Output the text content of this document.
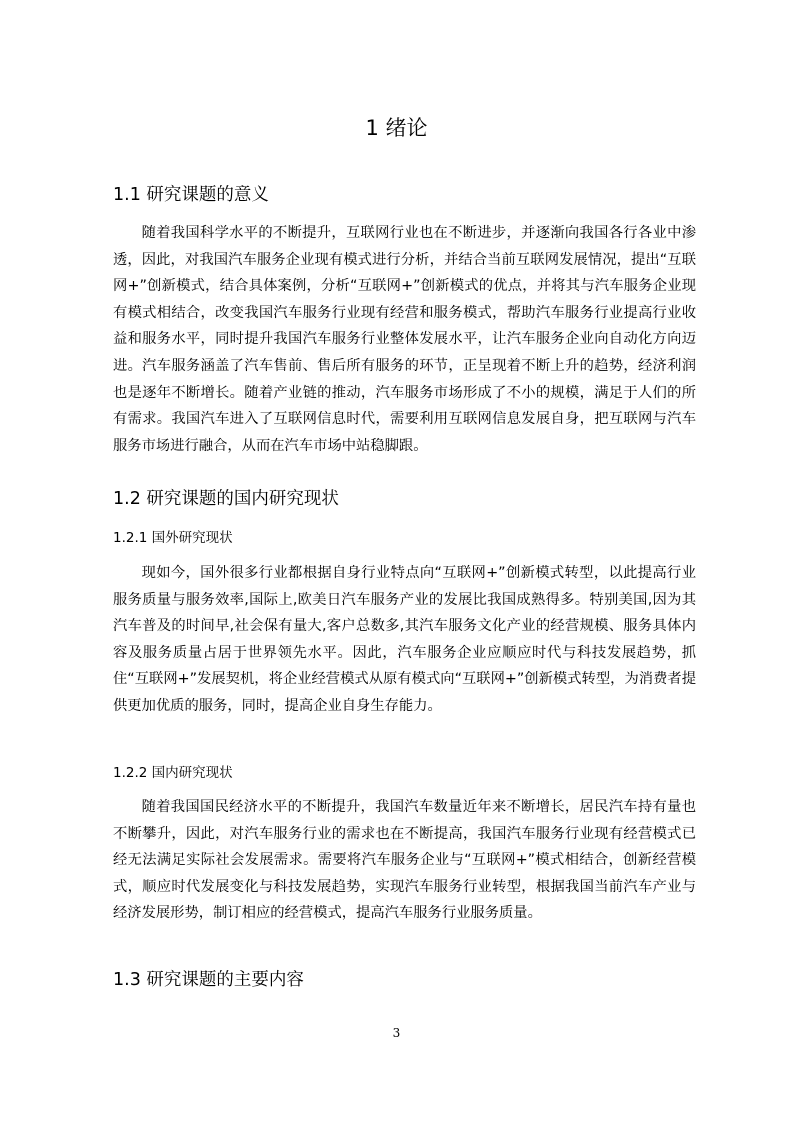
1 绪论
1.1 研究课题的意义
随着我国科学水平的不断提升，互联网行业也在不断进步，并逐渐向我国各行各业中渗透，因此，对我国汽车服务企业现有模式进行分析，并结合当前互联网发展情况，提出“互联网+”创新模式，结合具体案例，分析“互联网+”创新模式的优点，并将其与汽车服务企业现有模式相结合，改变我国汽车服务行业现有经营和服务模式，帮助汽车服务行业提高行业收益和服务水平，同时提升我国汽车服务行业整体发展水平，让汽车服务企业向自动化方向迈进。汽车服务涵盖了汽车售前、售后所有服务的环节，正呈现着不断上升的趋势，经济利润也是逐年不断增长。随着产业链的推动，汽车服务市场形成了不小的规模，满足于人们的所有需求。我国汽车进入了互联网信息时代，需要利用互联网信息发展自身，把互联网与汽车服务市场进行融合，从而在汽车市场中站稳脚跟。
1.2 研究课题的国内研究现状
1.2.1 国外研究现状
现如今，国外很多行业都根据自身行业特点向“互联网+”创新模式转型，以此提高行业服务质量与服务效率,国际上,欧美日汽车服务产业的发展比我国成熟得多。特别美国,因为其汽车普及的时间早,社会保有量大,客户总数多,其汽车服务文化产业的经营规模、服务具体内容及服务质量占居于世界领先水平。因此，汽车服务企业应顺应时代与科技发展趋势，抓住“互联网+”发展契机，将企业经营模式从原有模式向“互联网+”创新模式转型，为消费者提供更加优质的服务，同时，提高企业自身生存能力。
1.2.2 国内研究现状
随着我国国民经济水平的不断提升，我国汽车数量近年来不断增长，居民汽车持有量也不断攀升，因此，对汽车服务行业的需求也在不断提高，我国汽车服务行业现有经营模式已经无法满足实际社会发展需求。需要将汽车服务企业与“互联网+”模式相结合，创新经营模式，顺应时代发展变化与科技发展趋势，实现汽车服务行业转型，根据我国当前汽车产业与经济发展形势，制订相应的经营模式，提高汽车服务行业服务质量。
1.3 研究课题的主要内容
3
